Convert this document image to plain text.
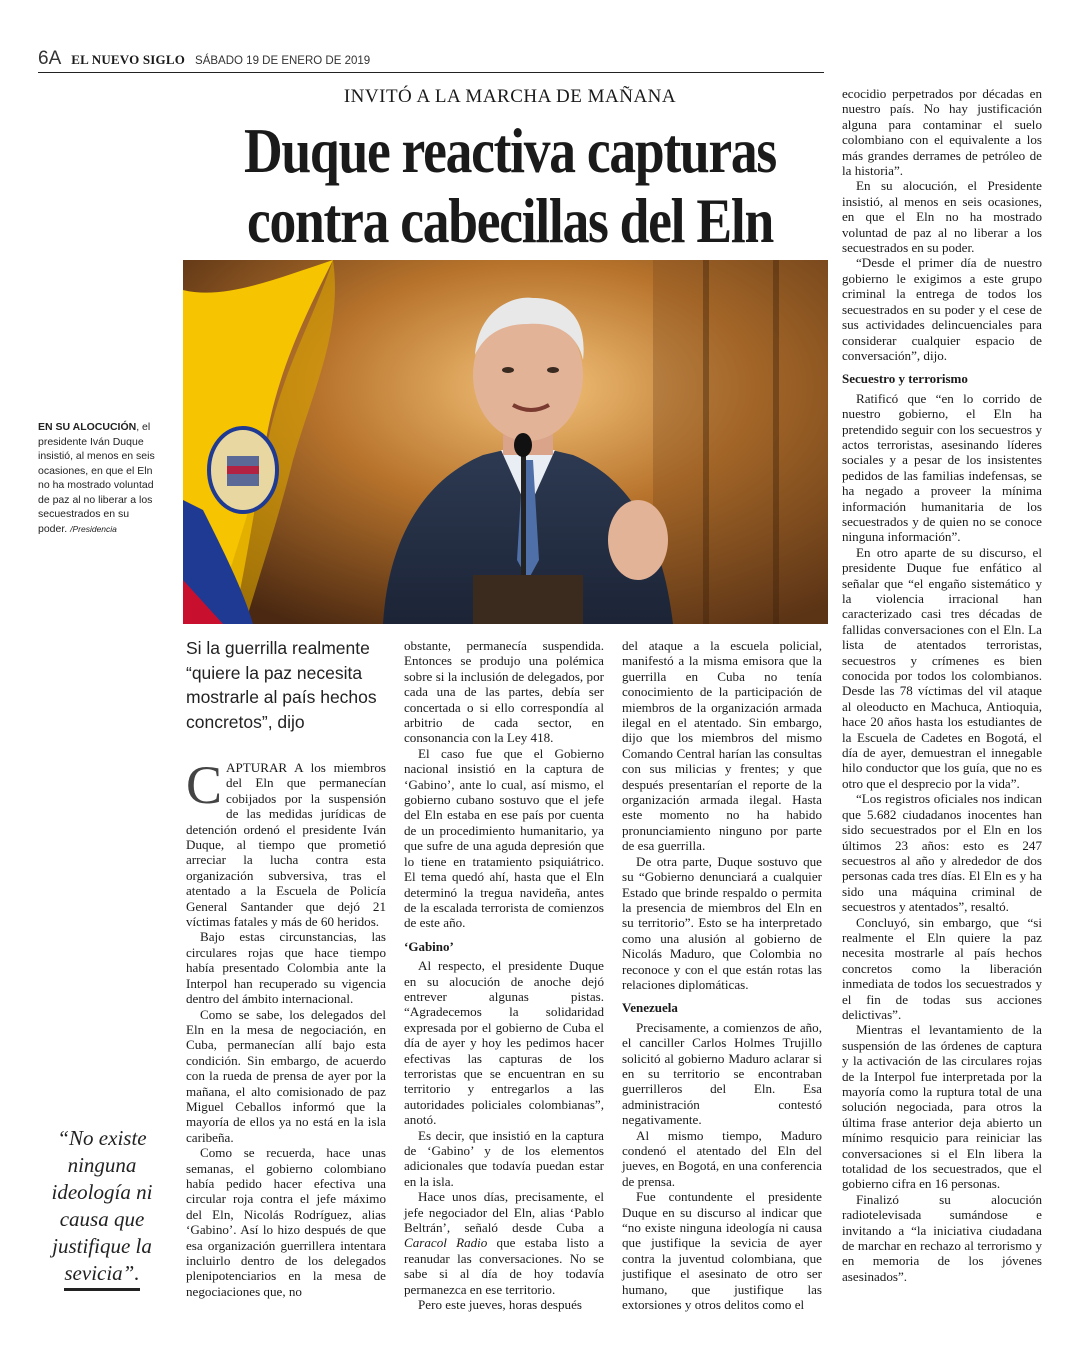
6A EL NUEVO SIGLO SÁBADO 19 DE ENERO DE 2019
INVITÓ A LA MARCHA DE MAÑANA
Duque reactiva capturas
contra cabecillas del Eln
EN SU ALOCUCIÓN, el presidente Iván Duque insistió, al menos en seis ocasiones, en que el Eln no ha mostrado voluntad de paz al no liberar a los secuestrados en su poder. /Presidencia
Si la guerrilla realmente “quiere la paz necesita mostrarle al país hechos concretos”, dijo
“No existe ninguna ideología ni causa que justifique la sevicia”.

CAPTURAR A los miembros del Eln que permanecían cobijados por la suspensión de las medidas jurídicas de detención ordenó el presidente Iván Duque, al tiempo que prometió arreciar la lucha contra esta organización subversiva, tras el atentado a la Escuela de Policía General Santander que dejó 21 víctimas fatales y más de 60 heridos.

Bajo estas circunstancias, las circulares rojas que hace tiempo había presentado Colombia ante la Interpol han recuperado su vigencia dentro del ámbito internacional.

Como se sabe, los delegados del Eln en la mesa de negociación, en Cuba, permanecían allí bajo esta condición. Sin embargo, de acuerdo con la rueda de prensa de ayer por la mañana, el alto comisionado de paz Miguel Ceballos informó que la mayoría de ellos ya no está en la isla caribeña.

Como se recuerda, hace unas semanas, el gobierno colombiano había pedido hacer efectiva una circular roja contra el jefe máximo del Eln, Nicolás Rodríguez, alias ‘Gabino’. Así lo hizo después de que esa organización guerrillera intentara incluirlo dentro de los delegados plenipotenciarios en la mesa de negociaciones que, no

obstante, permanecía suspendida. Entonces se produjo una polémica sobre si la inclusión de delegados, por cada una de las partes, debía ser concertada o si ello correspondía al arbitrio de cada sector, en consonancia con la Ley 418.

El caso fue que el Gobierno nacional insistió en la captura de ‘Gabino’, ante lo cual, así mismo, el gobierno cubano sostuvo que el jefe del Eln estaba en ese país por cuenta de un procedimiento humanitario, ya que sufre de una aguda depresión que lo tiene en tratamiento psiquiátrico. El tema quedó ahí, hasta que el Eln determinó la tregua navideña, antes de la escalada terrorista de comienzos de este año.

‘Gabino’

Al respecto, el presidente Duque en su alocución de anoche dejó entrever algunas pistas. “Agradecemos la solidaridad expresada por el gobierno de Cuba el día de ayer y hoy les pedimos hacer efectivas las capturas de los terroristas que se encuentran en su territorio y entregarlos a las autoridades policiales colombianas”, anotó.

Es decir, que insistió en la captura de ‘Gabino’ y de los elementos adicionales que todavía puedan estar en la isla.

Hace unos días, precisamente, el jefe negociador del Eln, alias ‘Pablo Beltrán’, señaló desde Cuba a Caracol Radio que estaba listo a reanudar las conversaciones. No se sabe si al día de hoy todavía permanezca en ese territorio.

Pero este jueves, horas después

del ataque a la escuela policial, manifestó a la misma emisora que la guerrilla en Cuba no tenía conocimiento de la participación de miembros de la organización armada ilegal en el atentado. Sin embargo, dijo que los miembros del mismo Comando Central harían las consultas con sus milicias y frentes; y que después presentarían el reporte de la organización armada ilegal. Hasta este momento no ha habido pronunciamiento ninguno por parte de esa guerrilla.

De otra parte, Duque sostuvo que su “Gobierno denunciará a cualquier Estado que brinde respaldo o permita la presencia de miembros del Eln en su territorio”. Esto se ha interpretado como una alusión al gobierno de Nicolás Maduro, que Colombia no reconoce y con el que están rotas las relaciones diplomáticas.

Venezuela

Precisamente, a comienzos de año, el canciller Carlos Holmes Trujillo solicitó al gobierno Maduro aclarar si en su territorio se encontraban guerrilleros del Eln. Esa administración contestó negativamente.

Al mismo tiempo, Maduro condenó el atentado del Eln del jueves, en Bogotá, en una conferencia de prensa.

Fue contundente el presidente Duque en su discurso al indicar que “no existe ninguna ideología ni causa que justifique la sevicia de ayer contra la juventud colombiana, que justifique el asesinato de otro ser humano, que justifique las extorsiones y otros delitos como el

ecocidio perpetrados por décadas en nuestro país. No hay justificación alguna para contaminar el suelo colombiano con el equivalente a los más grandes derrames de petróleo de la historia”.

En su alocución, el Presidente insistió, al menos en seis ocasiones, en que el Eln no ha mostrado voluntad de paz al no liberar a los secuestrados en su poder.

“Desde el primer día de nuestro gobierno le exigimos a este grupo criminal la entrega de todos los secuestrados en su poder y el cese de sus actividades delincuenciales para considerar cualquier espacio de conversación”, dijo.

Secuestro y terrorismo

Ratificó que “en lo corrido de nuestro gobierno, el Eln ha pretendido seguir con los secuestros y actos terroristas, asesinando líderes sociales y a pesar de los insistentes pedidos de las familias indefensas, se ha negado a proveer la mínima información humanitaria de los secuestrados y de quien no se conoce ninguna información”.

En otro aparte de su discurso, el presidente Duque fue enfático al señalar que “el engaño sistemático y la violencia irracional han caracterizado casi tres décadas de fallidas conversaciones con el Eln. La lista de atentados terroristas, secuestros y crímenes es bien conocida por todos los colombianos. Desde las 78 víctimas del vil ataque al oleoducto en Machuca, Antioquia, hace 20 años hasta los estudiantes de la Escuela de Cadetes en Bogotá, el día de ayer, demuestran el innegable hilo conductor que los guía, que no es otro que el desprecio por la vida”.

“Los registros oficiales nos indican que 5.682 ciudadanos inocentes han sido secuestrados por el Eln en los últimos 23 años: esto es 247 secuestros al año y alrededor de dos personas cada tres días. El Eln es y ha sido una máquina criminal de secuestros y atentados”, resaltó.

Concluyó, sin embargo, que “si realmente el Eln quiere la paz necesita mostrarle al país hechos concretos como la liberación inmediata de todos los secuestrados y el fin de todas sus acciones delictivas”.

Mientras el levantamiento de la suspensión de las órdenes de captura y la activación de las circulares rojas de la Interpol fue interpretada por la mayoría como la ruptura total de una solución negociada, para otros la última frase anterior deja abierto un mínimo resquicio para reiniciar las conversaciones si el Eln libera la totalidad de los secuestrados, que el gobierno cifra en 16 personas.

Finalizó su alocución radiotelevisada sumándose e invitando a “la iniciativa ciudadana de marchar en rechazo al terrorismo y en memoria de los jóvenes asesinados”.
